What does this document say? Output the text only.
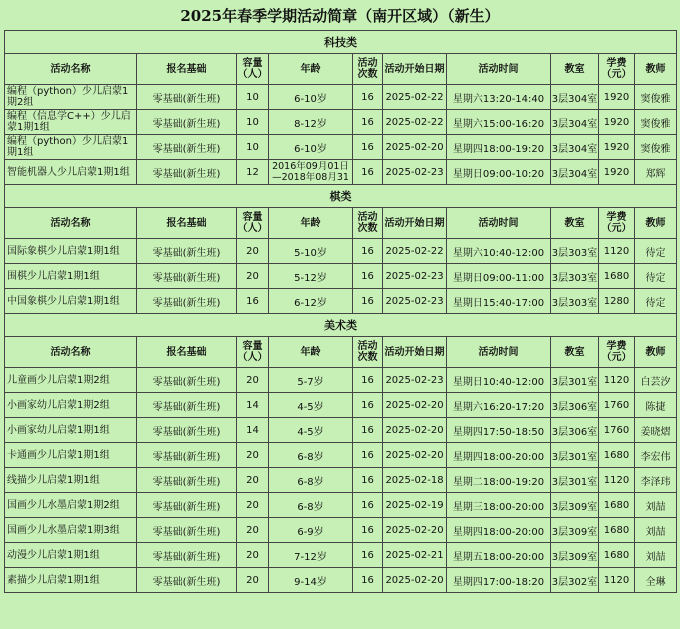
2025年春季学期活动简章（南开区域）（新生）
科技类									
活动名称	报名基础	容量（人）	年龄	活动次数	活动开始日期	活动时间	教室	学费（元）	教师
编程（python）少儿启蒙1期2组	零基础(新生班)	10	6-10岁	16	2025-02-22	星期六13:20-14:40	3层304室	1920	窦俊雅
编程（信息学C++）少儿启蒙1期1组	零基础(新生班)	10	8-12岁	16	2025-02-22	星期六15:00-16:20	3层304室	1920	窦俊雅
编程（python）少儿启蒙1期1组	零基础(新生班)	10	6-10岁	16	2025-02-20	星期四18:00-19:20	3层304室	1920	窦俊雅
智能机器人少儿启蒙1期1组	零基础(新生班)	12	2016年09月01日—2018年08月31	16	2025-02-23	星期日09:00-10:20	3层304室	1920	郑辉
棋类									
活动名称	报名基础	容量（人）	年龄	活动次数	活动开始日期	活动时间	教室	学费（元）	教师
国际象棋少儿启蒙1期1组	零基础(新生班)	20	5-10岁	16	2025-02-22	星期六10:40-12:00	3层303室	1120	待定
围棋少儿启蒙1期1组	零基础(新生班)	20	5-12岁	16	2025-02-23	星期日09:00-11:00	3层303室	1680	待定
中国象棋少儿启蒙1期1组	零基础(新生班)	16	6-12岁	16	2025-02-23	星期日15:40-17:00	3层303室	1280	待定
美术类									
活动名称	报名基础	容量（人）	年龄	活动次数	活动开始日期	活动时间	教室	学费（元）	教师
儿童画少儿启蒙1期2组	零基础(新生班)	20	5-7岁	16	2025-02-23	星期日10:40-12:00	3层301室	1120	白芸汐
小画家幼儿启蒙1期2组	零基础(新生班)	14	4-5岁	16	2025-02-20	星期六16:20-17:20	3层306室	1760	陈捷
小画家幼儿启蒙1期1组	零基础(新生班)	14	4-5岁	16	2025-02-20	星期四17:50-18:50	3层306室	1760	姜晓熠
卡通画少儿启蒙1期1组	零基础(新生班)	20	6-8岁	16	2025-02-20	星期四18:00-20:00	3层301室	1680	李宏伟
线描少儿启蒙1期1组	零基础(新生班)	20	6-8岁	16	2025-02-18	星期二18:00-19:20	3层301室	1120	李泽玮
国画少儿水墨启蒙1期2组	零基础(新生班)	20	6-8岁	16	2025-02-19	星期三18:00-20:00	3层309室	1680	刘喆
国画少儿水墨启蒙1期3组	零基础(新生班)	20	6-9岁	16	2025-02-20	星期四18:00-20:00	3层309室	1680	刘喆
动漫少儿启蒙1期1组	零基础(新生班)	20	7-12岁	16	2025-02-21	星期五18:00-20:00	3层309室	1680	刘喆
素描少儿启蒙1期1组	零基础(新生班)	20	9-14岁	16	2025-02-20	星期四17:00-18:20	3层302室	1120	全琳
